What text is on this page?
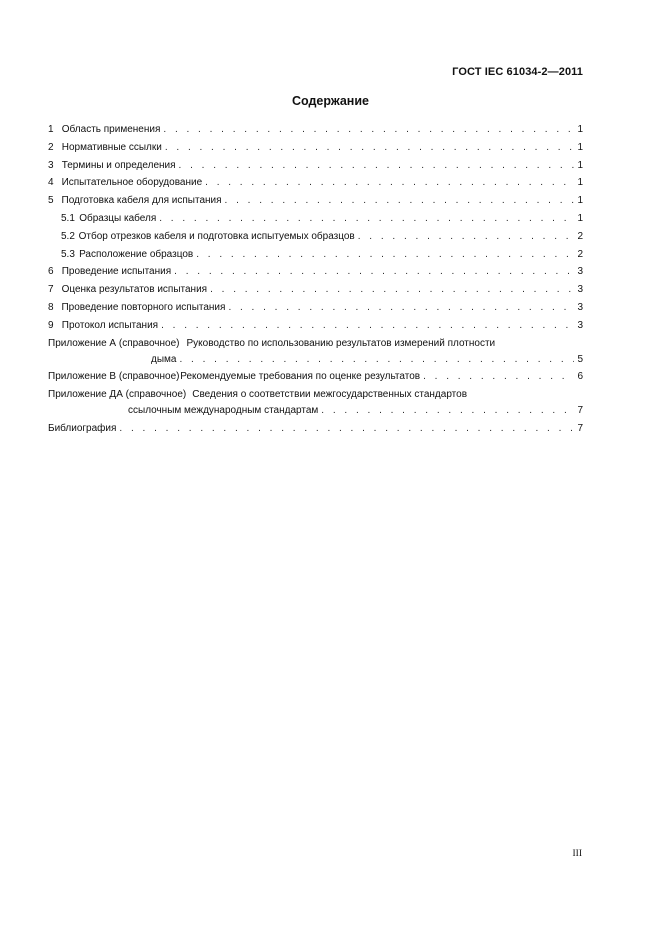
ГОСТ IEC 61034-2—2011
Содержание
1 Область применения . . .	1
2 Нормативные ссылки . . .	1
3 Термины и определения . . .	1
4 Испытательное оборудование . . .	1
5 Подготовка кабеля для испытания . . .	1
5.1 Образцы кабеля . . .	1
5.2 Отбор отрезков кабеля и подготовка испытуемых образцов . . .	2
5.3 Расположение образцов . . .	2
6 Проведение испытания . . .	3
7 Оценка результатов испытания . . .	3
8 Проведение повторного испытания . . .	3
9 Протокол испытания . . .	3
Приложение А (справочное) Руководство по использованию результатов измерений плотности
дыма . . .	5
Приложение В (справочное) Рекомендуемые требования по оценке результатов . . .	6
Приложение ДА (справочное) Сведения о соответствии межгосударственных стандартов
ссылочным международным стандартам . . .	7
Библиография . . .	7
III
